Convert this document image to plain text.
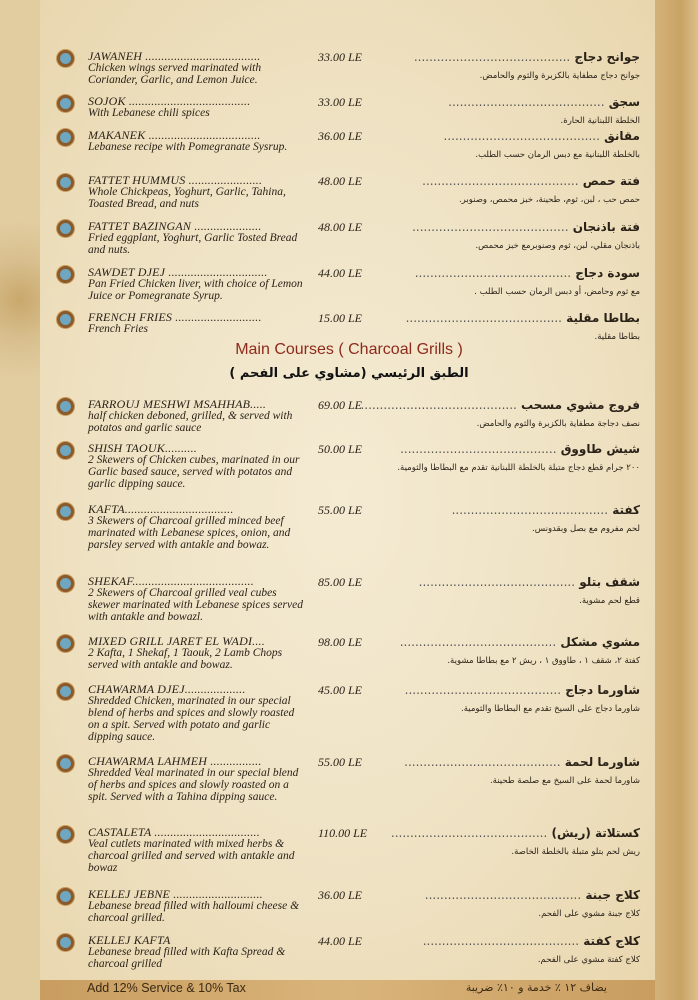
Main Courses ( Charcoal Grills )
الطبق الرئيسي (مشاوي على الفحم )
JAWANEH ....................................
Chicken wings served marinated with Coriander, Garlic, and Lemon Juice.
33.00 LE	جوانح دجاج .........................................
جوانح دجاج مطفاية بالكزبرة والثوم والحامض.
SOJOK ......................................
With Lebanese chili spices
33.00 LE	سجق .........................................
الخلطة اللبنانية الحارة.
MAKANEK ...................................
Lebanese recipe with Pomegranate Sysrup.
36.00 LE	مقانق .........................................
بالخلطة اللبنانية مع دبس الرمان حسب الطلب.
FATTET HUMMUS .......................
Whole Chickpeas, Yoghurt, Garlic, Tahina, Toasted Bread, and nuts
48.00 LE	فتة حمص .........................................
حمص حب ، لبن، ثوم، طحينة، خبز محمص، وصنوبر.
FATTET BAZINGAN .....................
Fried eggplant, Yoghurt, Garlic Tosted Bread and nuts.
48.00 LE	فتة باذنجان .........................................
باذنجان مقلي، لبن، ثوم وصنوبرمع خبز محمص.
SAWDET DJEJ ...............................
Pan Fried Chicken liver, with choice of Lemon Juice or Pomegranate Syrup.
44.00 LE	سودة دجاج .........................................
مع ثوم وحامض، أو دبس الرمان حسب الطلب .
FRENCH FRIES ...........................
French Fries
15.00 LE	بطاطا مقلية .........................................
بطاطا مقلية.
FARROUJ MESHWI MSAHHAB.....
half chicken deboned, grilled, & served with potatos and garlic sauce
69.00 LE	فروج مشوي مسحب .........................................
نصف دجاجة مطفاية بالكزبرة والثوم والحامض.
SHISH TAOUK..........
2 Skewers of Chicken cubes, marinated in our Garlic based sauce, served with potatos and garlic dipping sauce.
50.00 LE	شيش طاووق .........................................
٢٠٠ جرام قطع دجاج متبلة بالخلطة اللبنانية تقدم مع البطاطا والثومية.
KAFTA..................................
3 Skewers of Charcoal grilled minced beef marinated with Lebanese spices, onion, and parsley served with antakle and bowaz.
55.00 LE	كفتة .........................................
لحم مفروم مع بصل وبقدونس.
SHEKAF......................................
2 Skewers of Charcoal grilled veal cubes skewer marinated with Lebanese spices served with antakle and bowazl.
85.00 LE	شقف بتلو .........................................
قطع لحم مشوية.
MIXED GRILL JARET EL WADI....
2 Kafta, 1 Shekaf, 1 Taouk, 2 Lamb Chops served with antakle and bowaz.
98.00 LE	مشوي مشكل .........................................
كفتة ٢، شقف ١ ، طاووق ١ ، ريش ٢ مع بطاطا مشوية.
CHAWARMA DJEJ...................
Shredded Chicken, marinated in our special blend of herbs and spices and slowly roasted on a spit. Served with potato and garlic dipping sauce.
45.00 LE	شاورما دجاج .........................................
شاورما دجاج على السيخ تقدم مع البطاطا والثومية.
CHAWARMA LAHMEH ................
Shredded Veal marinated in our special blend of herbs and spices and slowly roasted on a spit. Served with a Tahina dipping sauce.
55.00 LE	شاورما لحمة .........................................
شاورما لحمة على السيخ مع صلصة طحينة.
CASTALETA .................................
Veal cutlets marinated with mixed herbs & charcoal grilled and served with antakle and bowaz
110.00 LE	كستلاتة (ريش) .........................................
ريش لحم بتلو متبلة بالخلطة الخاصة.
KELLEJ JEBNE ............................
Lebanese bread filled with halloumi cheese & charcoal grilled.
36.00 LE	كلاج جبنة .........................................
كلاج جبنة مشوي على الفحم.
KELLEJ KAFTA
Lebanese bread filled with Kafta Spread & charcoal grilled
44.00 LE	كلاج كفتة .........................................
كلاج كفتة مشوي على الفحم.
Add 12% Service & 10% Tax	يضاف ١٢ ٪ خدمة و ١٠٪ ضريبة
